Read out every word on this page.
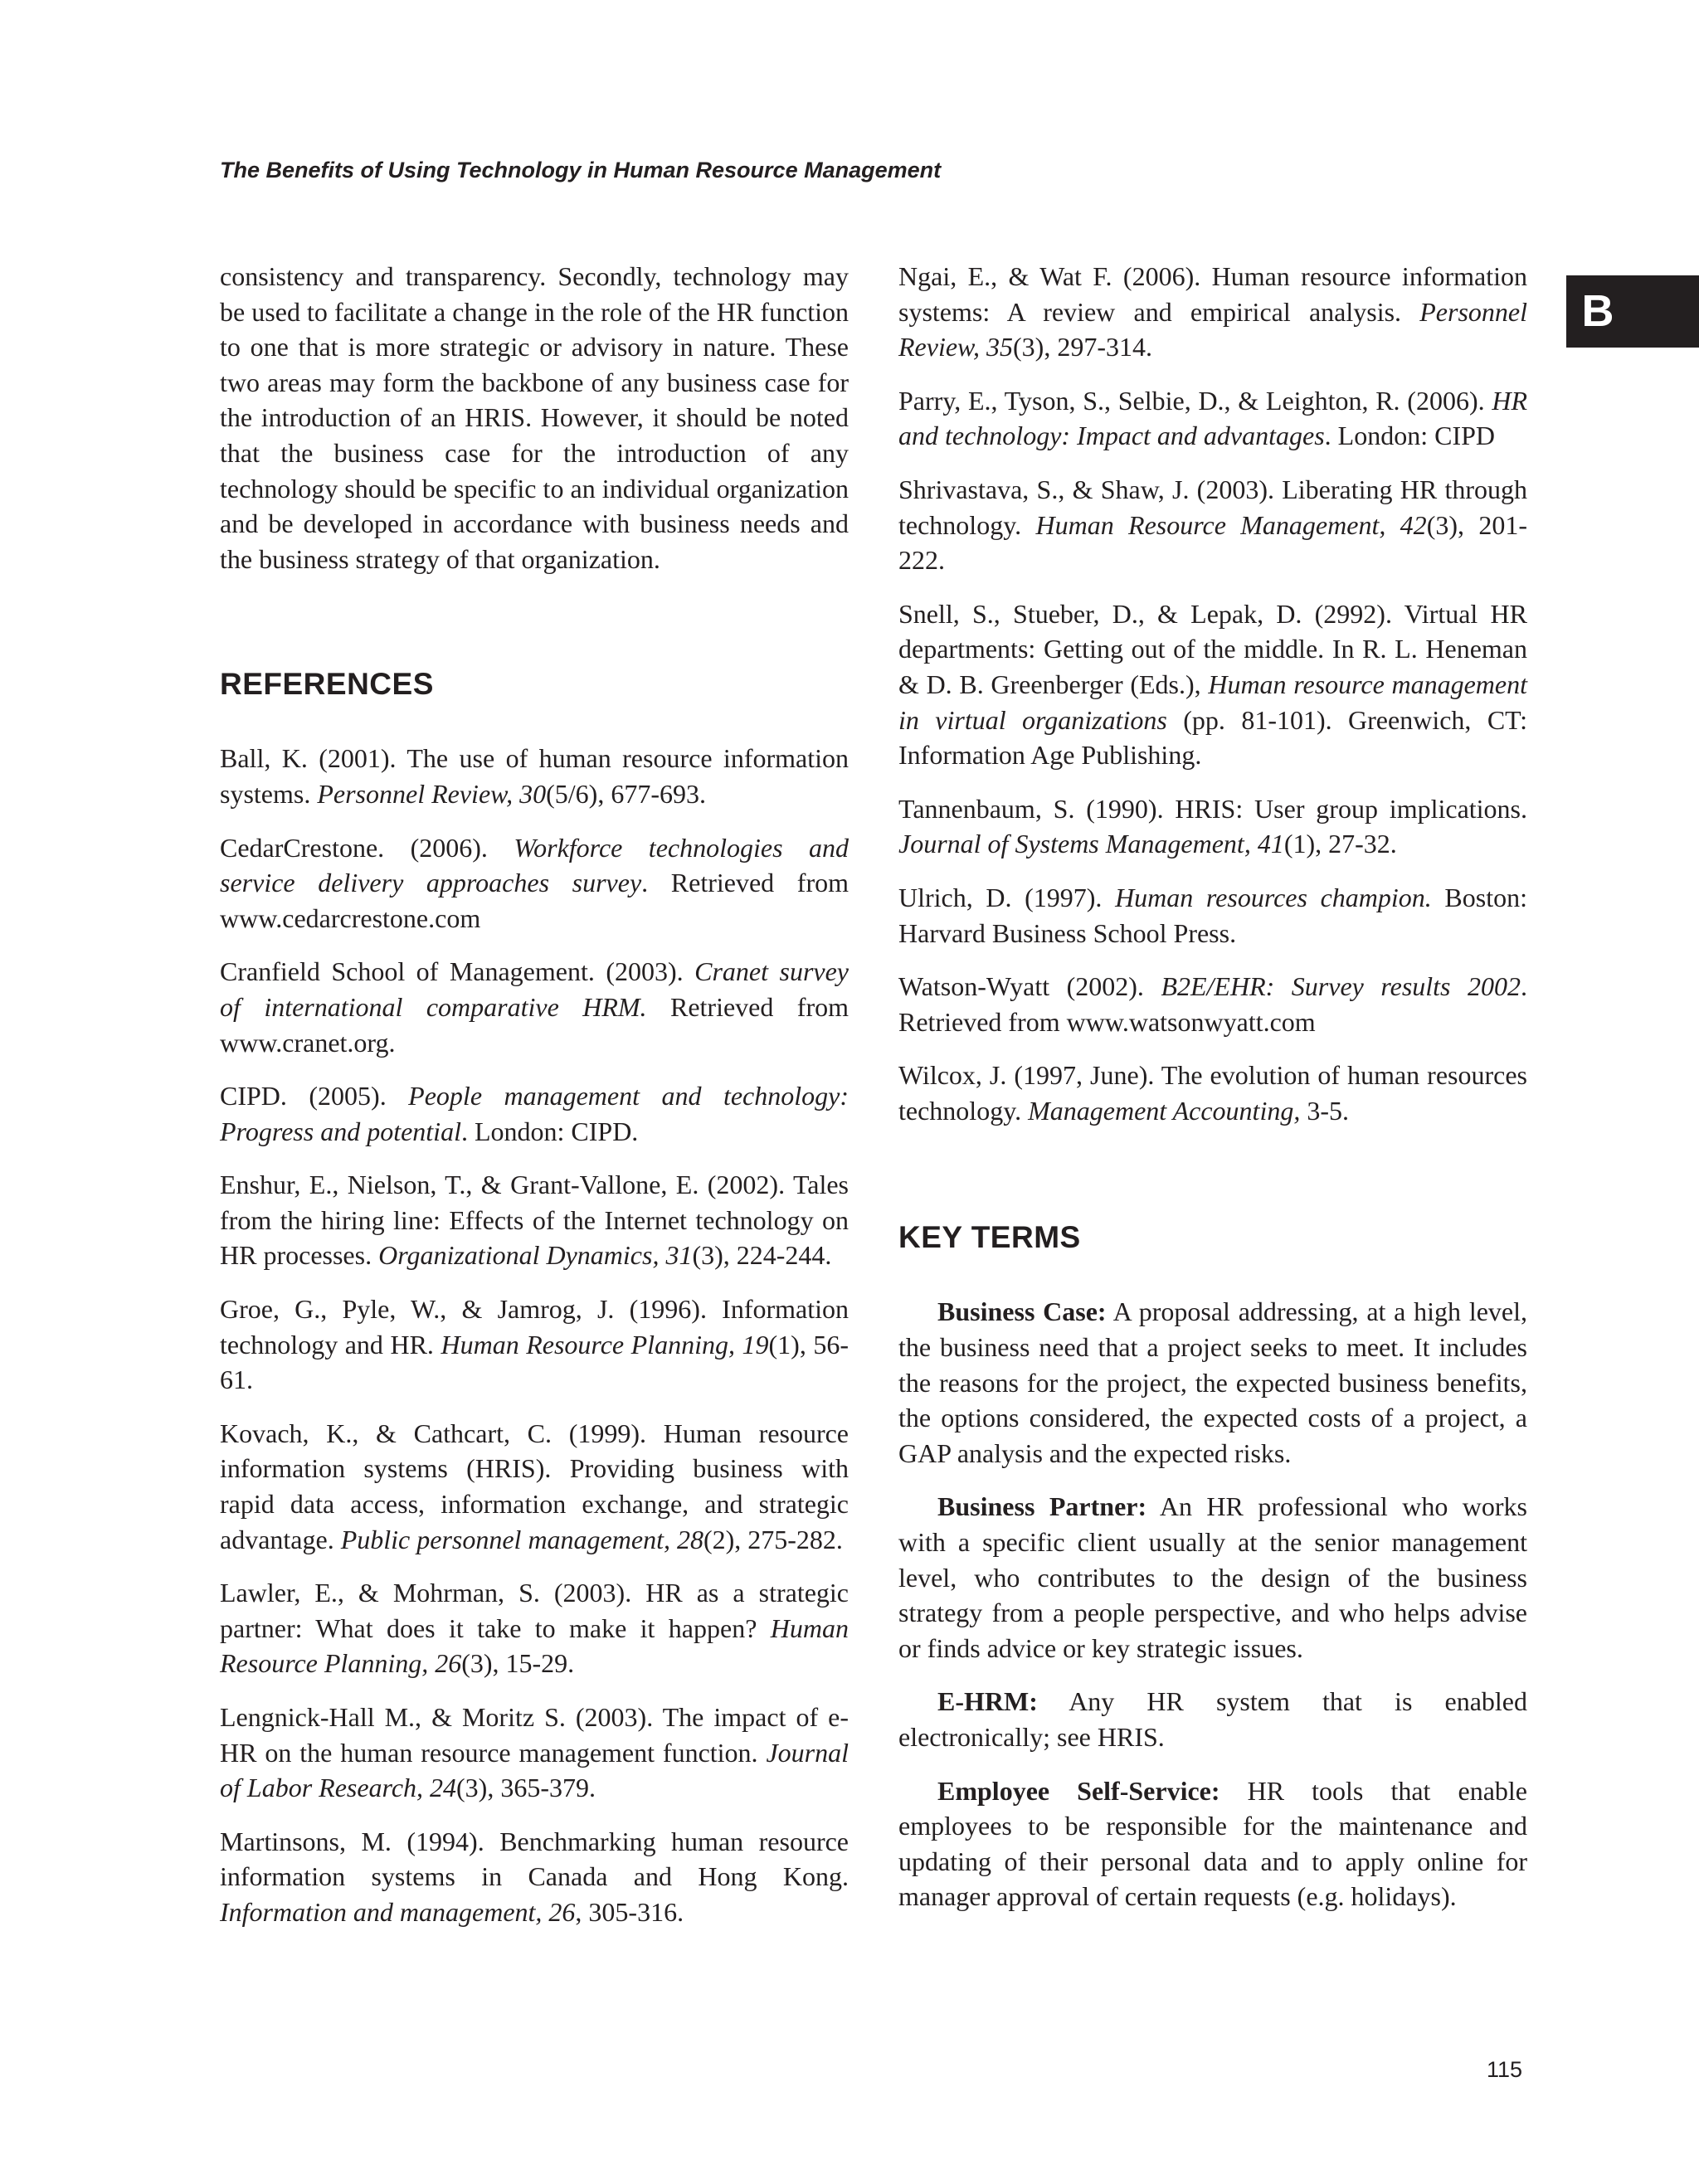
The Benefits of Using Technology in Human Resource Management
B

consistency and transparency. Secondly, technology may be used to facilitate a change in the role of the HR function to one that is more strategic or advisory in nature. These two areas may form the backbone of any business case for the introduction of an HRIS. However, it should be noted that the business case for the introduction of any technology should be specific to an individual organization and be developed in accordance with business needs and the business strategy of that organization.

REFERENCES

Ball, K. (2001). The use of human resource information systems. Personnel Review, 30(5/6), 677-693.

CedarCrestone. (2006). Workforce technologies and service delivery approaches survey. Retrieved from www.cedarcrestone.com

Cranfield School of Management. (2003). Cranet survey of international comparative HRM. Retrieved from www.cranet.org.

CIPD. (2005). People management and technology: Progress and potential. London: CIPD.

Enshur, E., Nielson, T., & Grant-Vallone, E. (2002). Tales from the hiring line: Effects of the Internet technology on HR processes. Organizational Dynamics, 31(3), 224-244.

Groe, G., Pyle, W., & Jamrog, J. (1996). Information technology and HR. Human Resource Planning, 19(1), 56-61.

Kovach, K., & Cathcart, C. (1999). Human resource information systems (HRIS). Providing business with rapid data access, information exchange, and strategic advantage. Public personnel management, 28(2), 275-282.

Lawler, E., & Mohrman, S. (2003). HR as a strategic partner: What does it take to make it happen? Human Resource Planning, 26(3), 15-29.

Lengnick-Hall M., & Moritz S. (2003). The impact of e-HR on the human resource management function. Journal of Labor Research, 24(3), 365-379.

Martinsons, M. (1994). Benchmarking human resource information systems in Canada and Hong Kong. Information and management, 26, 305-316.

Ngai, E., & Wat F. (2006). Human resource information systems: A review and empirical analysis. Personnel Review, 35(3), 297-314.

Parry, E., Tyson, S., Selbie, D., & Leighton, R. (2006). HR and technology: Impact and advantages. London: CIPD

Shrivastava, S., & Shaw, J. (2003). Liberating HR through technology. Human Resource Management, 42(3), 201-222.

Snell, S., Stueber, D., & Lepak, D. (2992). Virtual HR departments: Getting out of the middle. In R. L. Heneman & D. B. Greenberger (Eds.), Human resource management in virtual organizations (pp. 81-101). Greenwich, CT: Information Age Publishing.

Tannenbaum, S. (1990). HRIS: User group implications. Journal of Systems Management, 41(1), 27-32.

Ulrich, D. (1997). Human resources champion. Boston: Harvard Business School Press.

Watson-Wyatt (2002). B2E/EHR: Survey results 2002. Retrieved from www.watsonwyatt.com

Wilcox, J. (1997, June). The evolution of human resources technology. Management Accounting, 3-5.

KEY TERMS

Business Case: A proposal addressing, at a high level, the business need that a project seeks to meet. It includes the reasons for the project, the expected business benefits, the options considered, the expected costs of a project, a GAP analysis and the expected risks.

Business Partner: An HR professional who works with a specific client usually at the senior management level, who contributes to the design of the business strategy from a people perspective, and who helps advise or finds advice or key strategic issues.

E-HRM: Any HR system that is enabled electronically; see HRIS.

Employee Self-Service: HR tools that enable employees to be responsible for the maintenance and updating of their personal data and to apply online for manager approval of certain requests (e.g. holidays).

115
